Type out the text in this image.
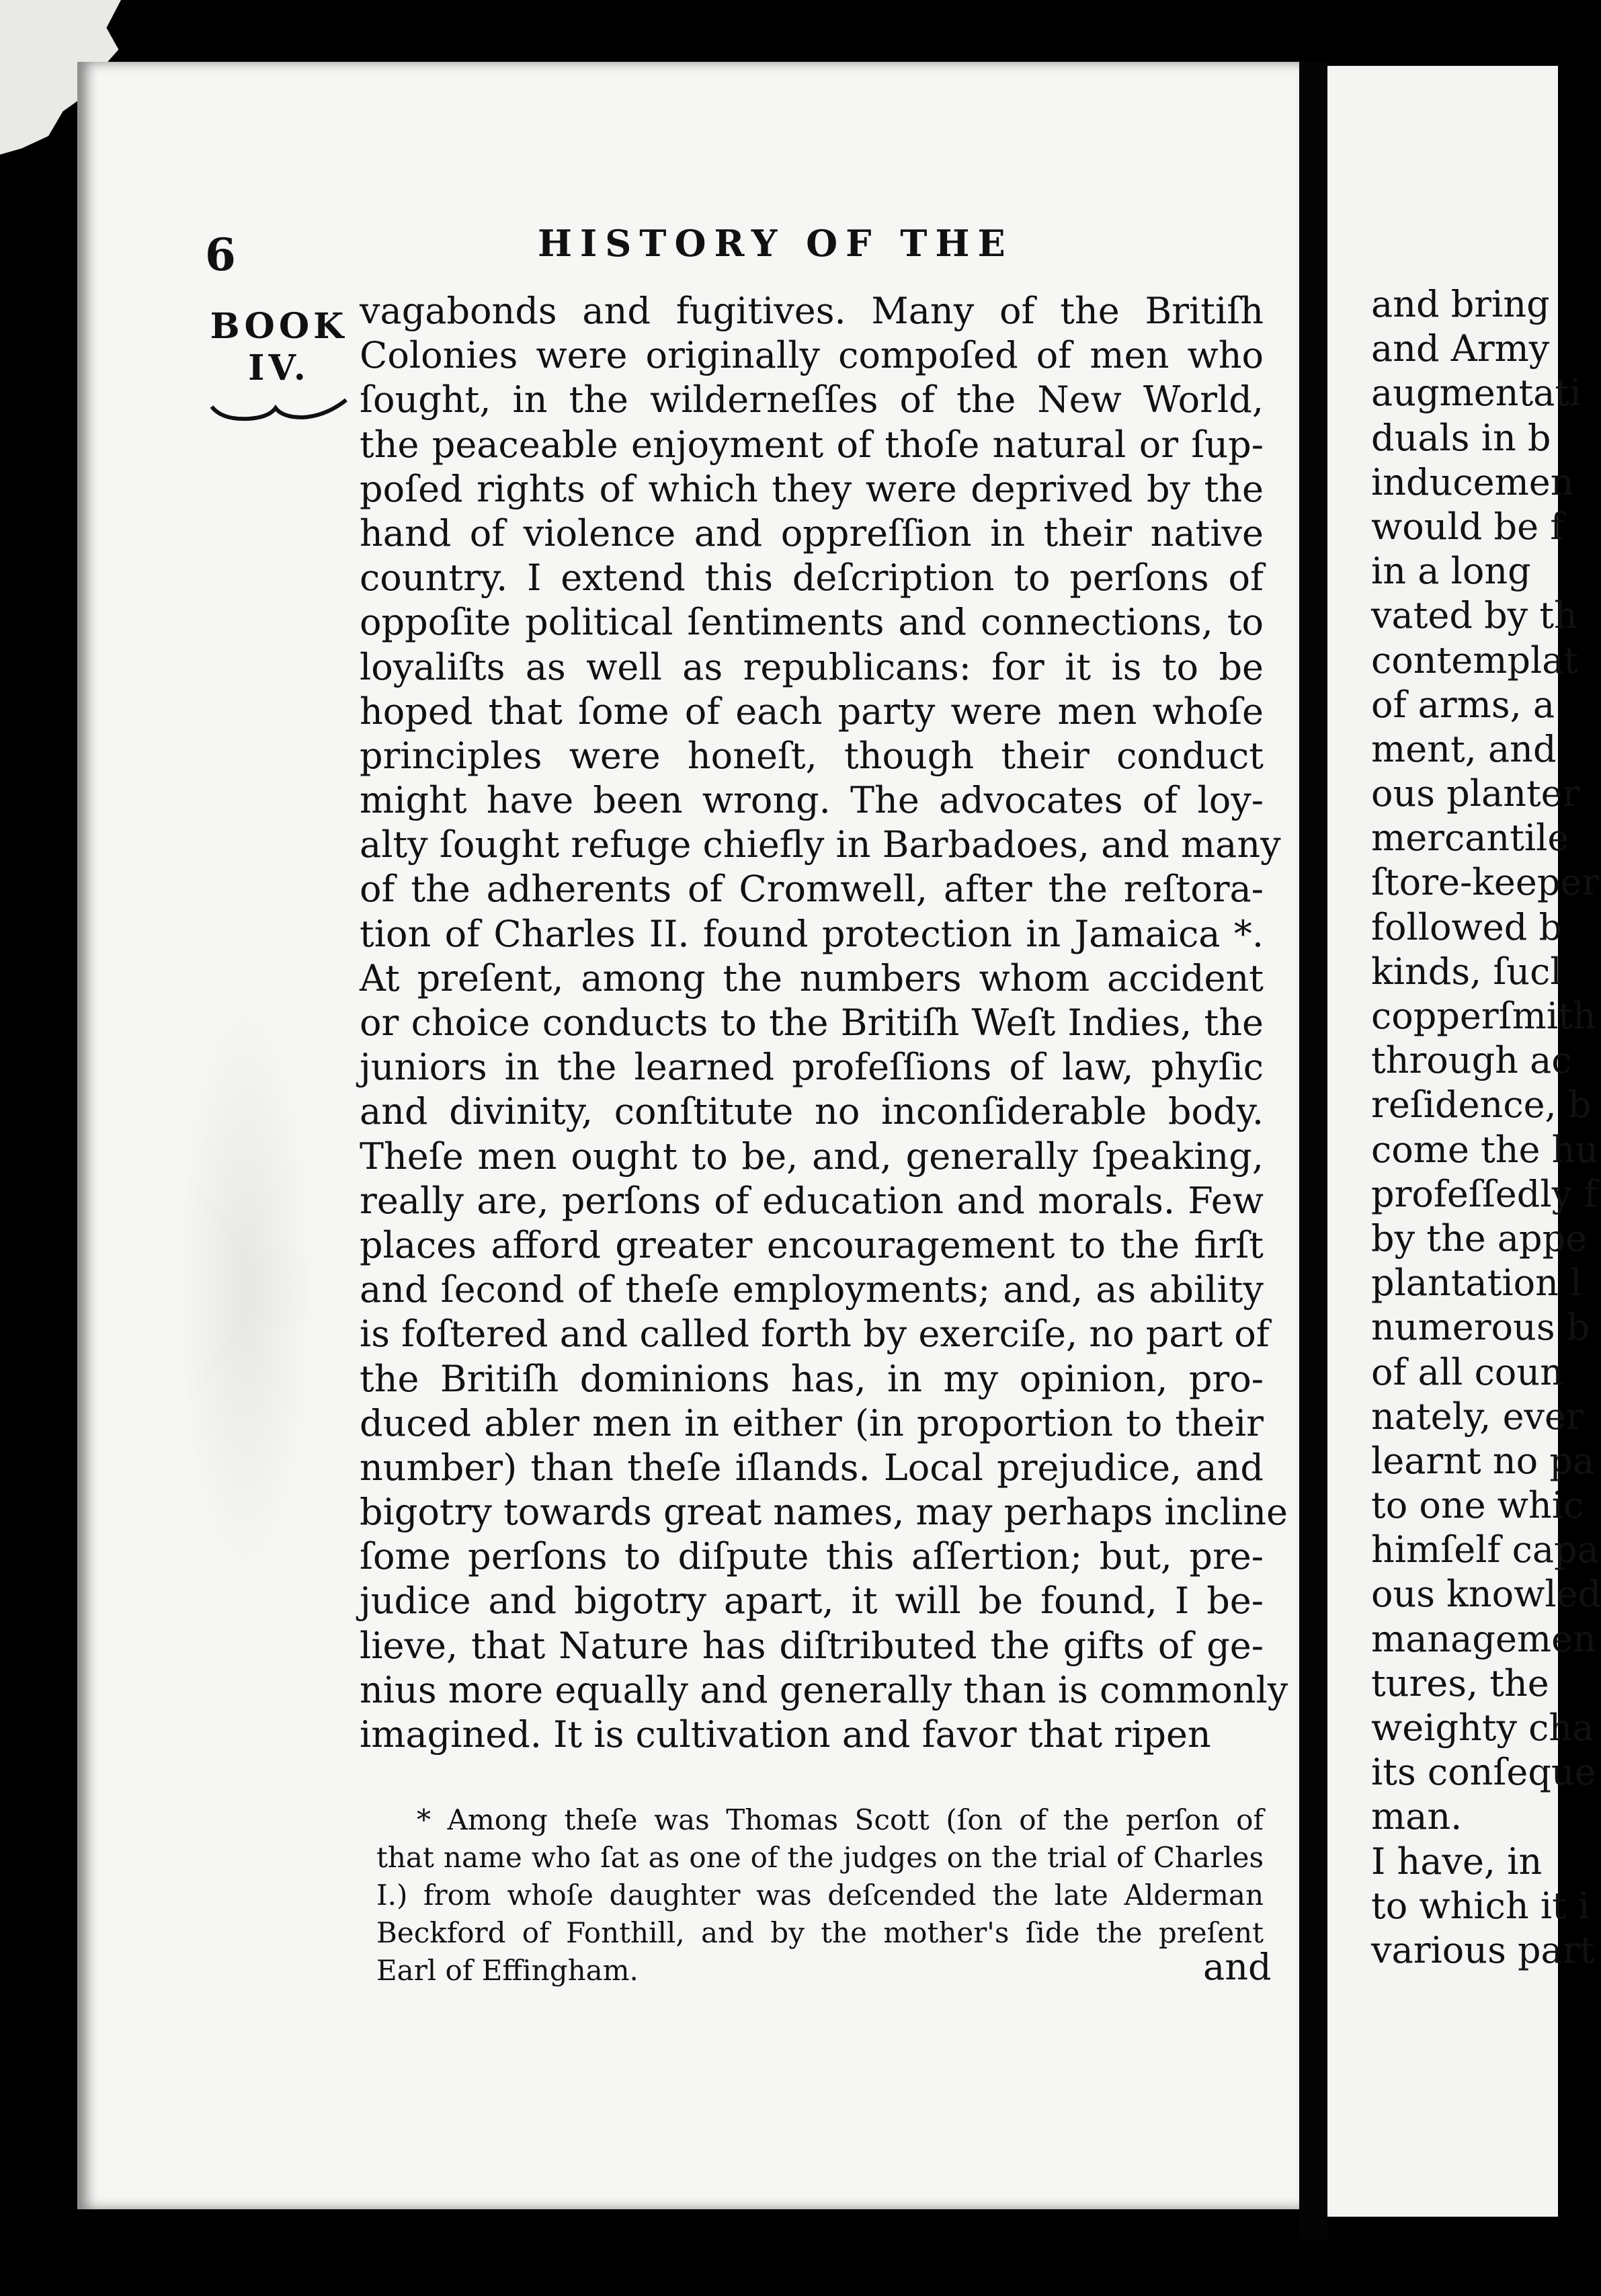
6	HISTORY OF THE
BOOK
IV.
vagabonds and fugitives. Many of the Britiſh
Colonies were originally compoſed of men who
ſought, in the wilderneſſes of the New World,
the peaceable enjoyment of thoſe natural or ſup-
poſed rights of which they were deprived by the
hand of violence and oppreſſion in their native
country. I extend this deſcription to perſons of
oppoſite political ſentiments and connections, to
loyaliſts as well as republicans: for it is to be
hoped that ſome of each party were men whoſe
principles were honeſt, though their conduct
might have been wrong. The advocates of loy-
alty ſought refuge chiefly in Barbadoes, and many
of the adherents of Cromwell, after the reſtora-
tion of Charles II. found protection in Jamaica *.
At preſent, among the numbers whom accident
or choice conducts to the Britiſh Weſt Indies, the
juniors in the learned profeſſions of law, phyſic
and divinity, conſtitute no inconſiderable body.
Theſe men ought to be, and, generally ſpeaking,
really are, perſons of education and morals. Few
places afford greater encouragement to the firſt
and ſecond of theſe employments; and, as ability
is foſtered and called forth by exerciſe, no part of
the Britiſh dominions has, in my opinion, pro-
duced abler men in either (in proportion to their
number) than theſe iſlands. Local prejudice, and
bigotry towards great names, may perhaps incline
ſome perſons to diſpute this aſſertion; but, pre-
judice and bigotry apart, it will be found, I be-
lieve, that Nature has diſtributed the gifts of ge-
nius more equally and generally than is commonly
imagined. It is cultivation and favor that ripen
* Among theſe was Thomas Scott (ſon of the perſon of
that name who ſat as one of the judges on the trial of Charles
I.) from whoſe daughter was deſcended the late Alderman
Beckford of Fonthill, and by the mother's ſide the preſent
Earl of Effingham.	and
and bring
and Army
augmentati
duals in b
inducemen
would be f
in a long
vated by th
contemplat
of arms, a
ment, and
ous planter
mercantile
ſtore-keeper
followed b
kinds, ſucl
copperſmith
through ac
reſidence, b
come the hu
profeſſedly f
by the appe
plantation l
numerous b
of all coun
nately, ever
learnt no pa
to one whic
himſelf capa
ous knowled
managemen
tures, the
weighty cha
its conſeque
man.
I have, in
to which it i
various part
